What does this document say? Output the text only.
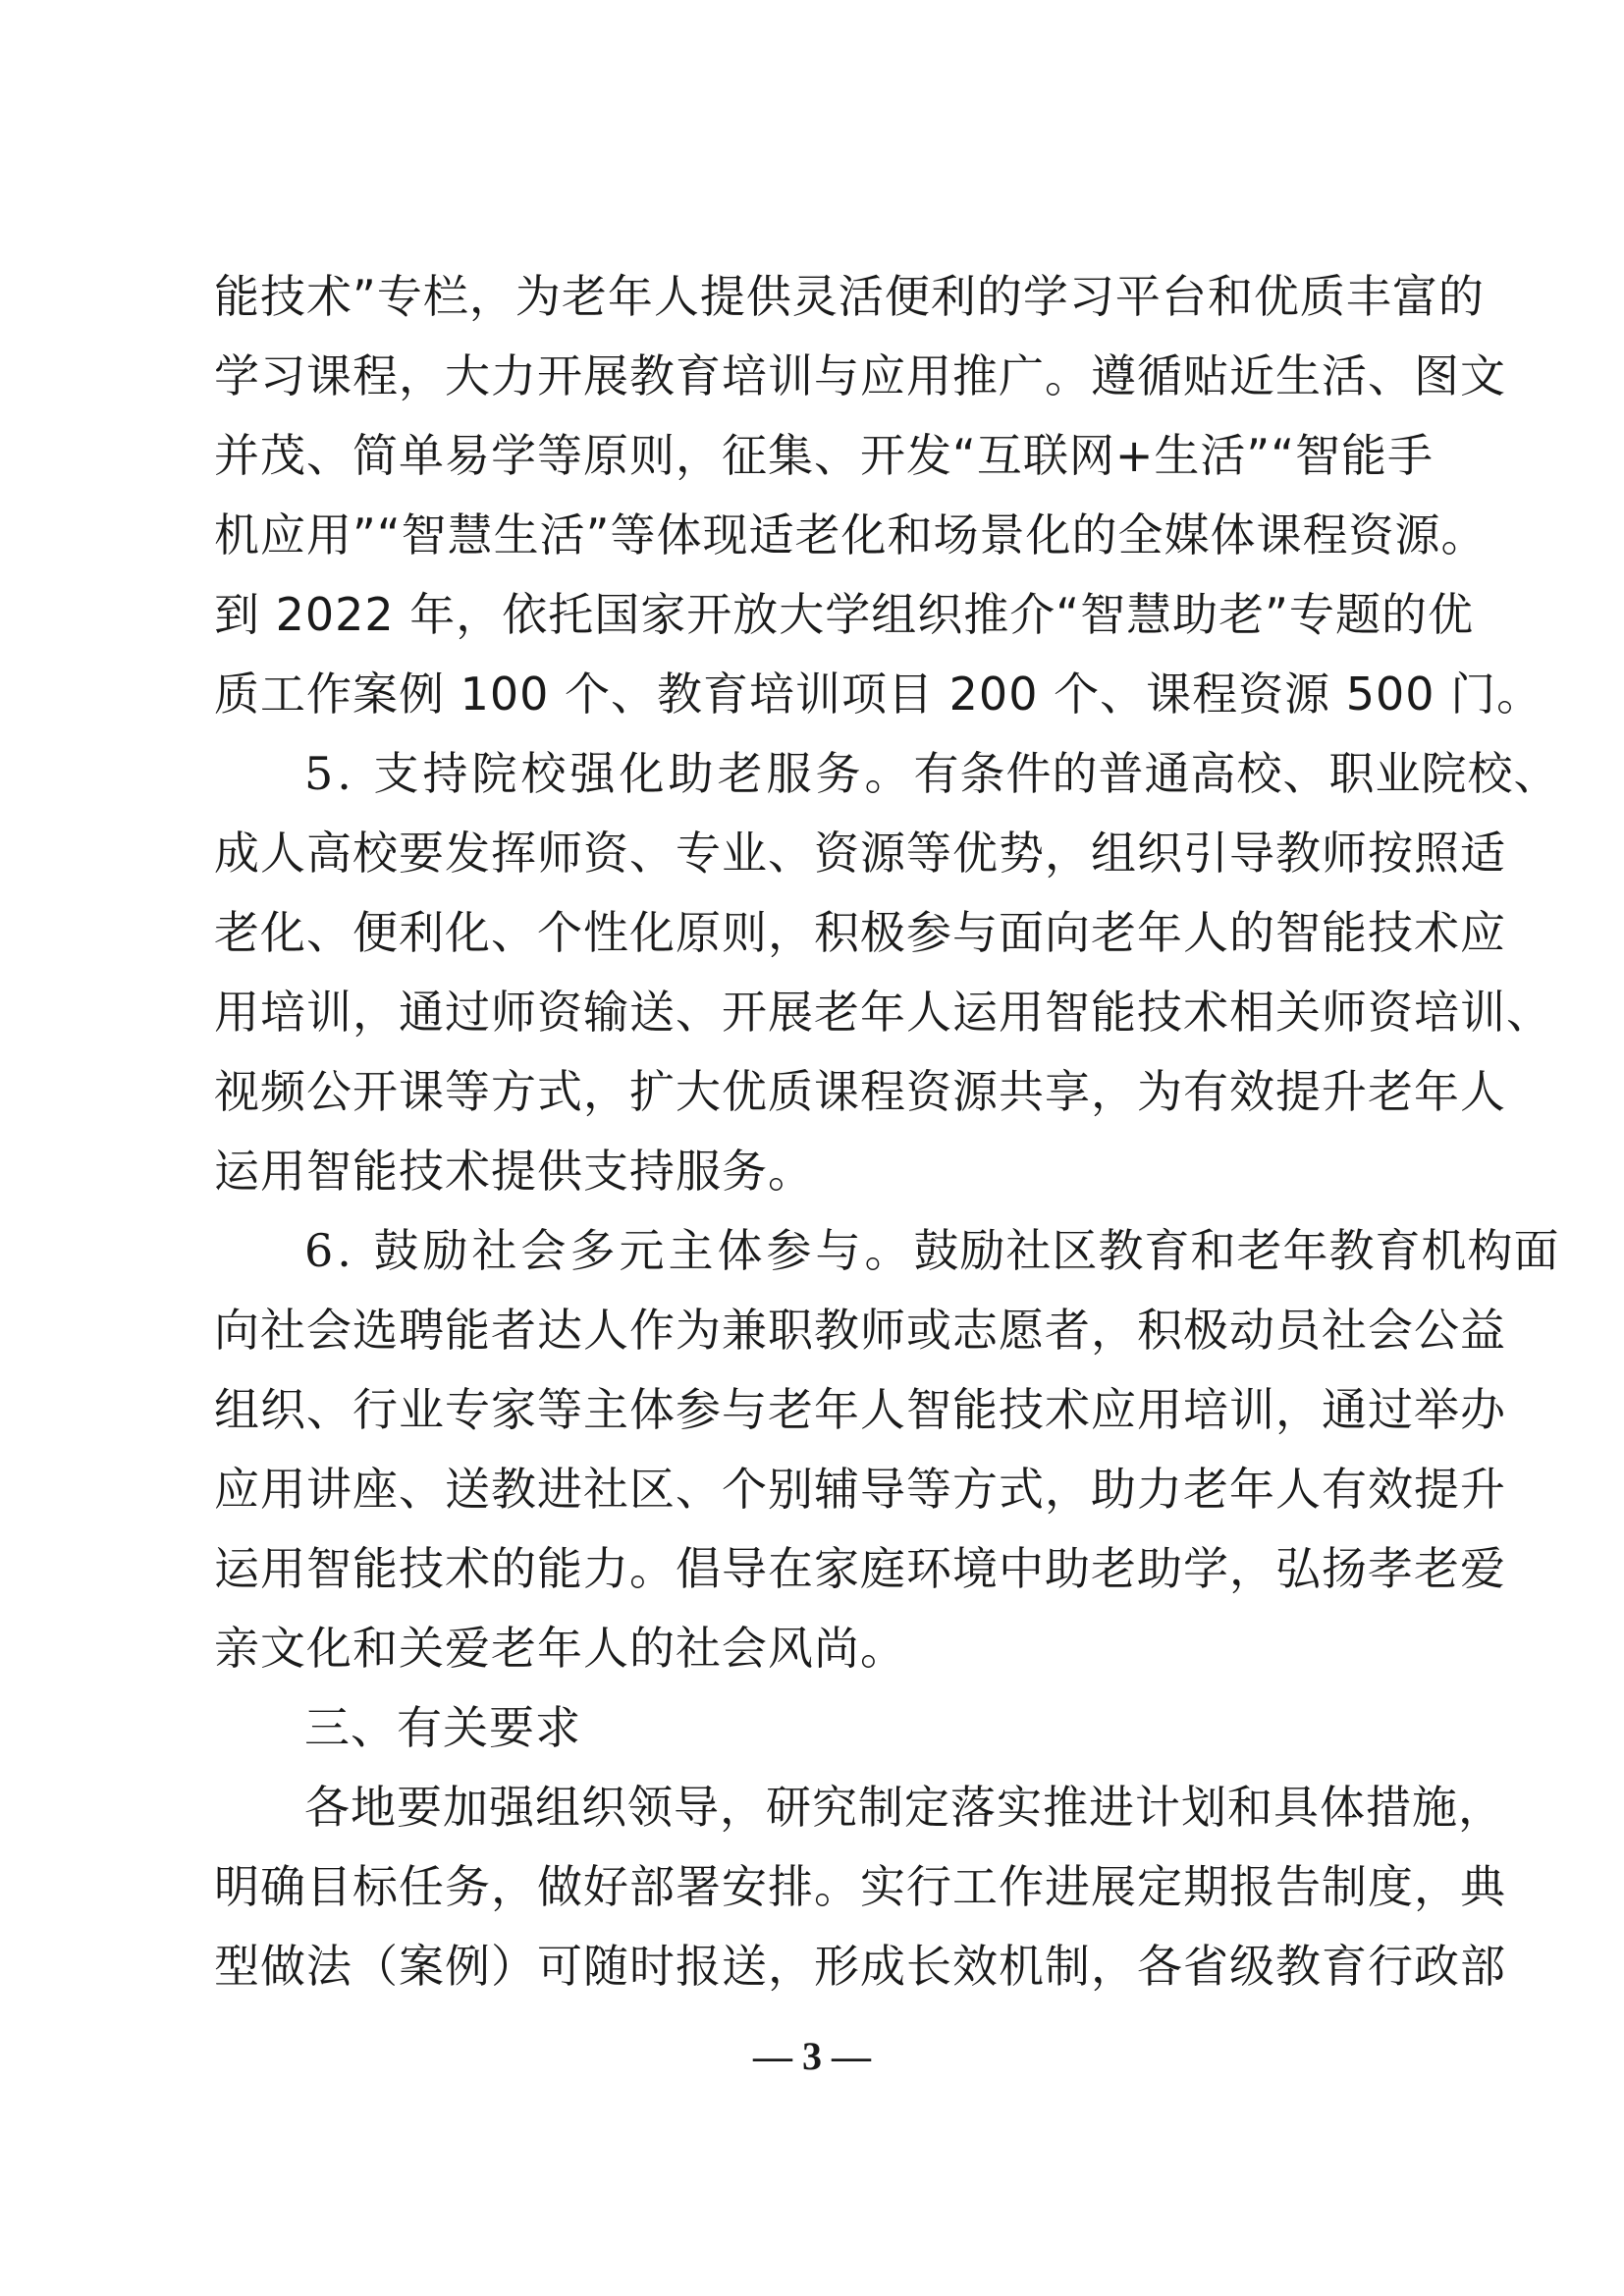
能技术”专栏，为老年人提供灵活便利的学习平台和优质丰富的
学习课程，大力开展教育培训与应用推广。遵循贴近生活、图文
并茂、简单易学等原则，征集、开发“互联网+生活”“智能手
机应用”“智慧生活”等体现适老化和场景化的全媒体课程资源。
到 2022 年，依托国家开放大学组织推介“智慧助老”专题的优
质工作案例 100 个、教育培训项目 200 个、课程资源 500 门。
5. 支持院校强化助老服务。有条件的普通高校、职业院校、
成人高校要发挥师资、专业、资源等优势，组织引导教师按照适
老化、便利化、个性化原则，积极参与面向老年人的智能技术应
用培训，通过师资输送、开展老年人运用智能技术相关师资培训、
视频公开课等方式，扩大优质课程资源共享，为有效提升老年人
运用智能技术提供支持服务。
6. 鼓励社会多元主体参与。鼓励社区教育和老年教育机构面
向社会选聘能者达人作为兼职教师或志愿者，积极动员社会公益
组织、行业专家等主体参与老年人智能技术应用培训，通过举办
应用讲座、送教进社区、个别辅导等方式，助力老年人有效提升
运用智能技术的能力。倡导在家庭环境中助老助学，弘扬孝老爱
亲文化和关爱老年人的社会风尚。
三、有关要求
各地要加强组织领导，研究制定落实推进计划和具体措施，
明确目标任务，做好部署安排。实行工作进展定期报告制度，典
型做法（案例）可随时报送，形成长效机制，各省级教育行政部
— 3 —
